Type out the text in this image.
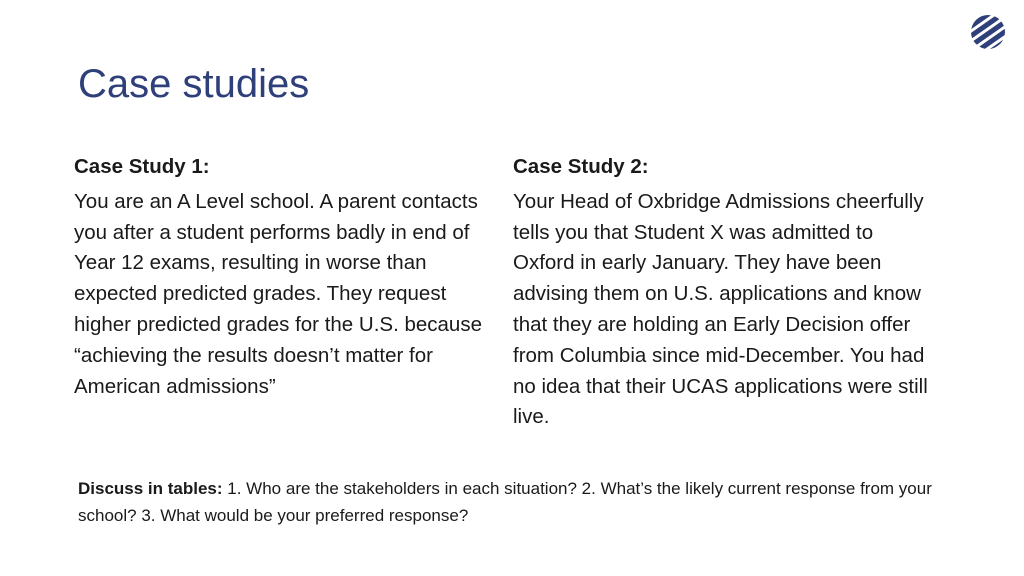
Case studies

Case Study 1:

You are an A Level school. A parent contacts you after a student performs badly in end of Year 12 exams, resulting in worse than expected predicted grades. They request higher predicted grades for the U.S. because “achieving the results doesn’t matter for American admissions”

Case Study 2:

Your Head of Oxbridge Admissions cheerfully tells you that Student X was admitted to Oxford in early January. They have been advising them on U.S. applications and know that they are holding an Early Decision offer from Columbia since mid-December. You had no idea that their UCAS applications were still live.

Discuss in tables: 1. Who are the stakeholders in each situation? 2. What’s the likely current response from your school? 3. What would be your preferred response?
